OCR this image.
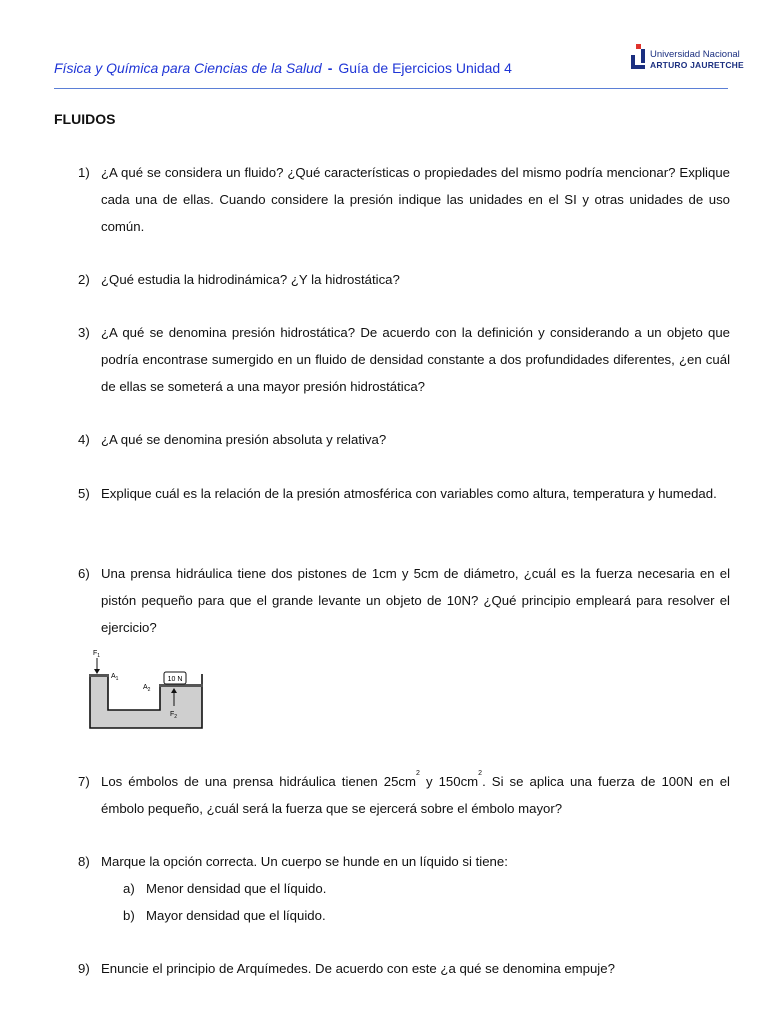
Física y Química para Ciencias de la Salud - Guía de Ejercicios Unidad 4
Universidad Nacional
ARTURO JAURETCHE
FLUIDOS
1) ¿A qué se considera un fluido? ¿Qué características o propiedades del mismo podría mencionar? Explique cada una de ellas. Cuando considere la presión indique las unidades en el SI y otras unidades de uso común.
2) ¿Qué estudia la hidrodinámica? ¿Y la hidrostática?
3) ¿A qué se denomina presión hidrostática? De acuerdo con la definición y considerando a un objeto que podría encontrase sumergido en un fluido de densidad constante a dos profundidades diferentes, ¿en cuál de ellas se someterá a una mayor presión hidrostática?
4) ¿A qué se denomina presión absoluta y relativa?
5) Explique cuál es la relación de la presión atmosférica con variables como altura, temperatura y humedad.
6) Una prensa hidráulica tiene dos pistones de 1cm y 5cm de diámetro, ¿cuál es la fuerza necesaria en el pistón pequeño para que el grande levante un objeto de 10N? ¿Qué principio empleará para resolver el ejercicio?
$F_1$
$A_1$
$A_2$
10 N
$F_2$
7) Los émbolos de una prensa hidráulica tienen $25cm^2$ y $150cm^2$. Si se aplica una fuerza de 100N en el émbolo pequeño, ¿cuál será la fuerza que se ejercerá sobre el émbolo mayor?
8) Marque la opción correcta. Un cuerpo se hunde en un líquido si tiene:
a) Menor densidad que el líquido.
b) Mayor densidad que el líquido.
9) Enuncie el principio de Arquímedes. De acuerdo con este ¿a qué se denomina empuje?
